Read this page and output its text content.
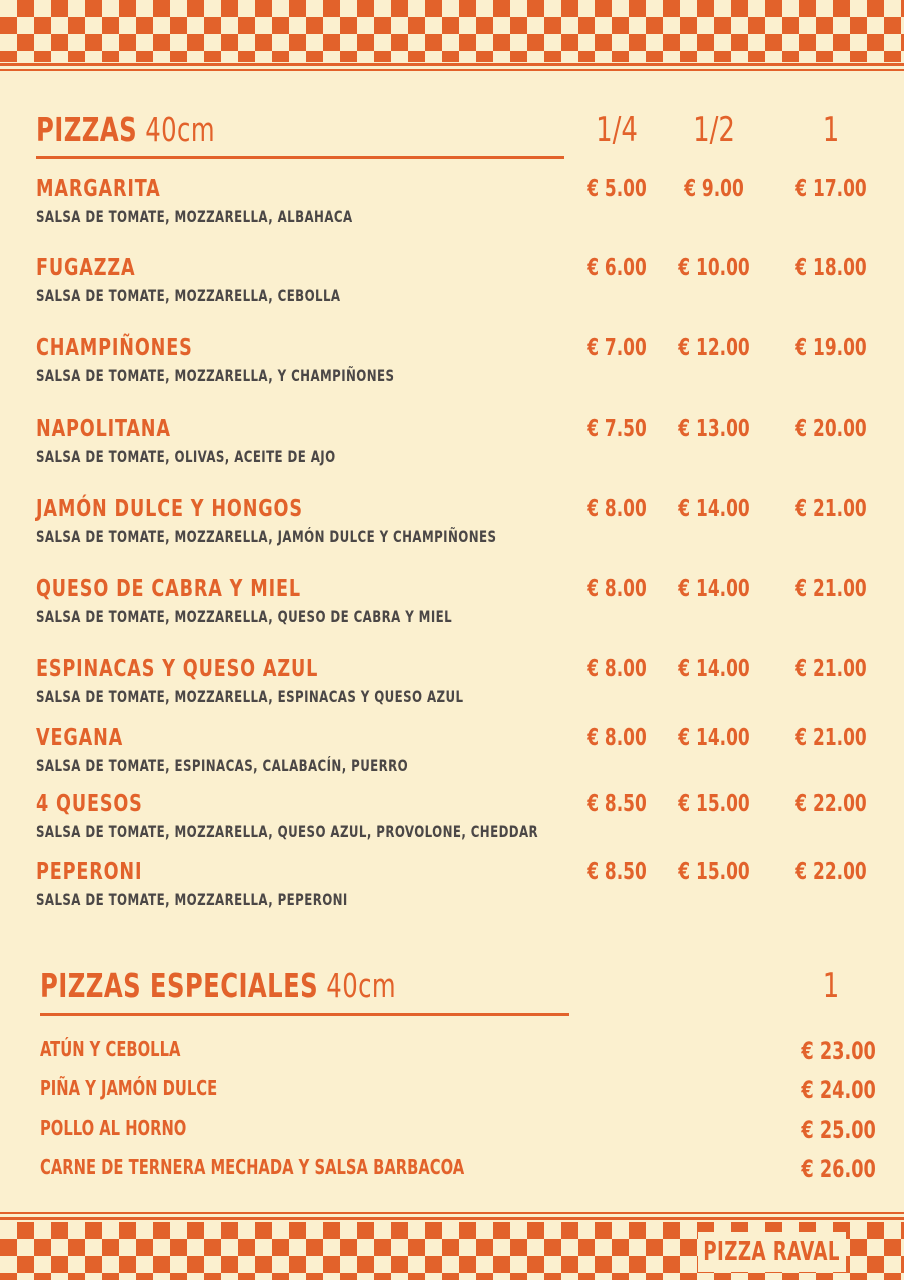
PIZZAS 40cm	1/4	1/2	1
MARGARITA
SALSA DE TOMATE, MOZZARELLA, ALBAHACA
€ 5.00	€ 9.00	€ 17.00
FUGAZZA
SALSA DE TOMATE, MOZZARELLA, CEBOLLA
€ 6.00	€ 10.00	€ 18.00
CHAMPIÑONES
SALSA DE TOMATE, MOZZARELLA, Y CHAMPIÑONES
€ 7.00	€ 12.00	€ 19.00
NAPOLITANA
SALSA DE TOMATE, OLIVAS, ACEITE DE AJO
€ 7.50	€ 13.00	€ 20.00
JAMÓN DULCE Y HONGOS
SALSA DE TOMATE, MOZZARELLA, JAMÓN DULCE Y CHAMPIÑONES
€ 8.00	€ 14.00	€ 21.00
QUESO DE CABRA Y MIEL
SALSA DE TOMATE, MOZZARELLA, QUESO DE CABRA Y MIEL
€ 8.00	€ 14.00	€ 21.00
ESPINACAS Y QUESO AZUL
SALSA DE TOMATE, MOZZARELLA, ESPINACAS Y QUESO AZUL
€ 8.00	€ 14.00	€ 21.00
VEGANA
SALSA DE TOMATE, ESPINACAS, CALABACÍN, PUERRO
€ 8.00	€ 14.00	€ 21.00
4 QUESOS
SALSA DE TOMATE, MOZZARELLA, QUESO AZUL, PROVOLONE, CHEDDAR
€ 8.50	€ 15.00	€ 22.00
PEPERONI
SALSA DE TOMATE, MOZZARELLA, PEPERONI
€ 8.50	€ 15.00	€ 22.00
PIZZAS ESPECIALES 40cm	1
ATÚN Y CEBOLLA	€ 23.00
PIÑA Y JAMÓN DULCE	€ 24.00
POLLO AL HORNO	€ 25.00
CARNE DE TERNERA MECHADA Y SALSA BARBACOA	€ 26.00
PIZZA RAVAL
